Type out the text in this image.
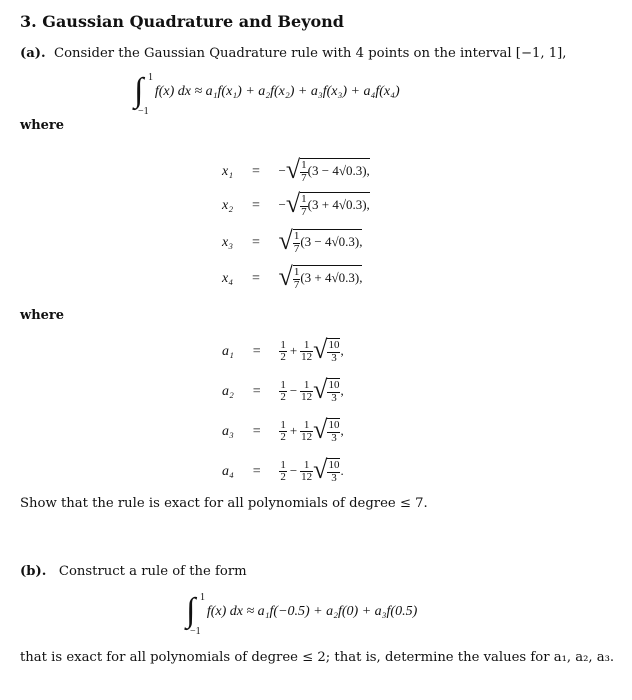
3. Gaussian Quadrature and Beyond
(a). Consider the Gaussian Quadrature rule with 4 points on the interval [−1, 1],
∫ 1
−1
f(x) dx ≈ a₁f(x₁) + a₂f(x₂) + a₃f(x₃) + a₄f(x₄)
where
x₁ = −√ $\frac{1}{7} (3 - 4√0.3)$,
x₂ = −√ $\frac{1}{7} (3 + 4√0.3)$,
x₃ = √ $\frac{1}{7} (3 - 4√0.3)$,
x₄ = √ $\frac{1}{7} (3 + 4√0.3)$,
where
$a_1 = \frac{1}{2} + \frac{1}{12}$ √ $\frac{10}{3}$ ,
$a_2 = \frac{1}{2} - \frac{1}{12}$ √ $\frac{10}{3}$ ,
$a_3 = \frac{1}{2} + \frac{1}{12}$ √ $\frac{10}{3}$ ,
$a_4 = \frac{1}{2} - \frac{1}{12}$ √ $\frac{10}{3}$ .
Show that the rule is exact for all polynomials of degree ≤ 7.
(b). Construct a rule of the form
∫ 1
−1
f(x) dx ≈ a₁f(−0.5) + a₂f(0) + a₃f(0.5)
that is exact for all polynomials of degree ≤ 2; that is, determine the values for a₁, a₂, a₃.
